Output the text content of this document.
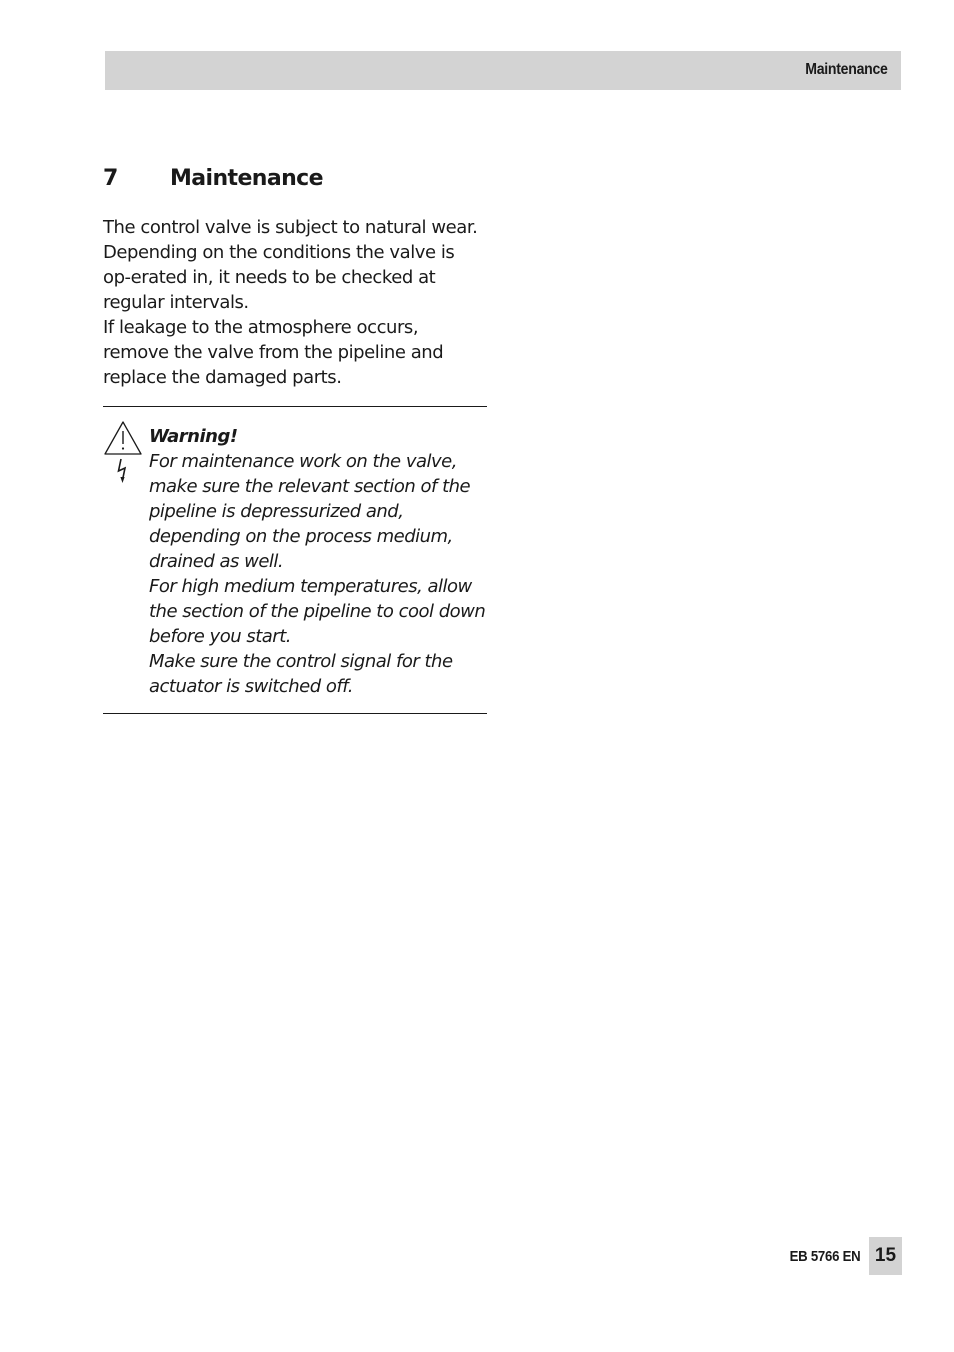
Maintenance
7 Maintenance

The control valve is subject to natural wear. Depending on the conditions the valve is op-erated in, it needs to be checked at regular intervals.

If leakage to the atmosphere occurs, remove the valve from the pipeline and replace the damaged parts.

Warning!

For maintenance work on the valve, make sure the relevant section of the pipeline is depressurized and, depending on the process medium, drained as well.

For high medium temperatures, allow the section of the pipeline to cool down before you start.

Make sure the control signal for the actuator is switched off.

EB 5766 EN 15
